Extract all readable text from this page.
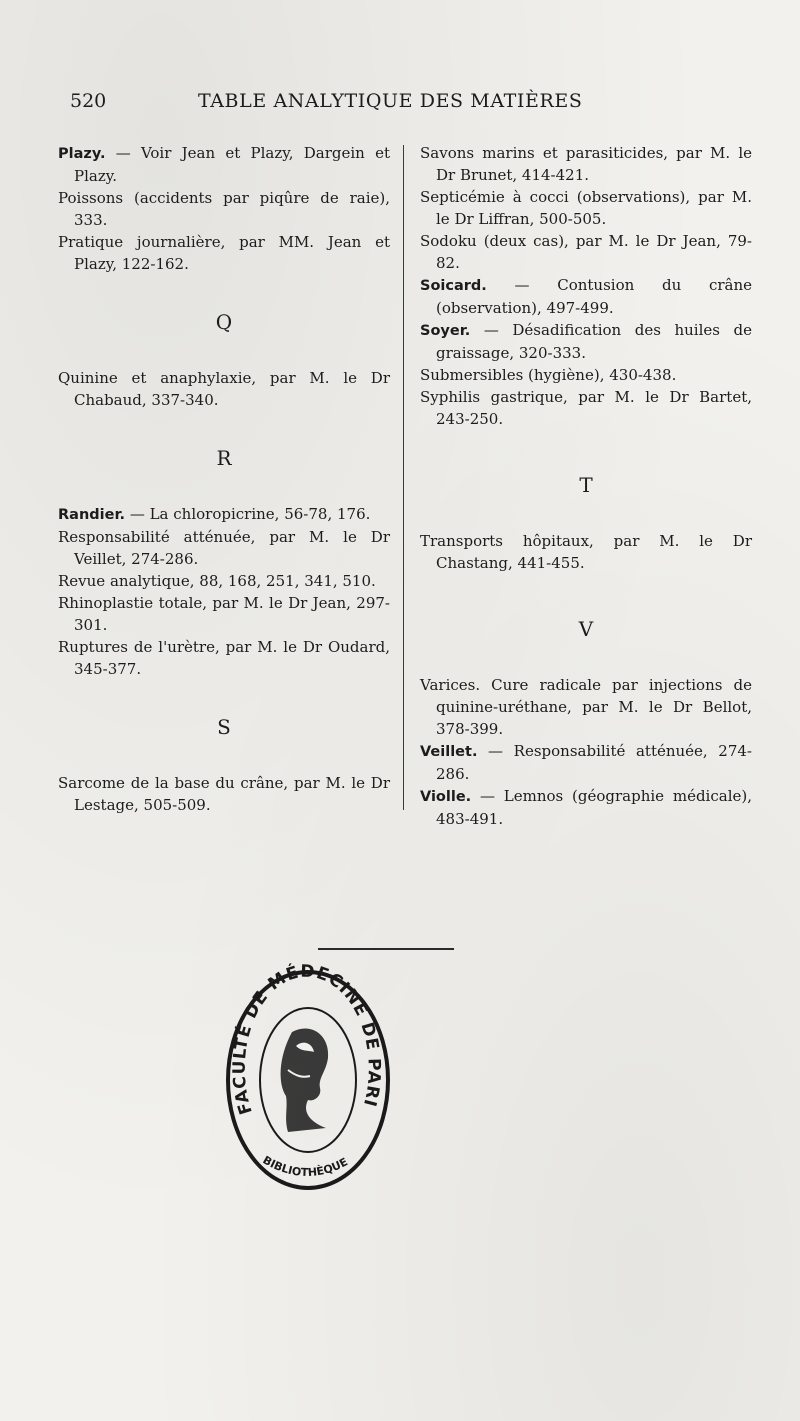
520	TABLE ANALYTIQUE DES MATIÈRES
Plazy. — Voir Jean et Plazy, Dargein et Plazy.
Poissons (accidents par piqûre de raie), 333.
Pratique journalière, par MM. Jean et Plazy, 122-162.
Q
Quinine et anaphylaxie, par M. le Dr Chabaud, 337-340.
R
Randier. — La chloropicrine, 56-78, 176.
Responsabilité atténuée, par M. le Dr Veillet, 274-286.
Revue analytique, 88, 168, 251, 341, 510.
Rhinoplastie totale, par M. le Dr Jean, 297-301.
Ruptures de l'urètre, par M. le Dr Oudard, 345-377.
S
Sarcome de la base du crâne, par M. le Dr Lestage, 505-509.
Savons marins et parasiticides, par M. le Dr Brunet, 414-421.
Septicémie à cocci (observations), par M. le Dr Liffran, 500-505.
Sodoku (deux cas), par M. le Dr Jean, 79-82.
Soicard. — Contusion du crâne (observation), 497-499.
Soyer. — Désadification des huiles de graissage, 320-333.
Submersibles (hygiène), 430-438.
Syphilis gastrique, par M. le Dr Bartet, 243-250.
T
Transports hôpitaux, par M. le Dr Chastang, 441-455.
V
Varices. Cure radicale par injections de quinine-uréthane, par M. le Dr Bellot, 378-399.
Veillet. — Responsabilité atténuée, 274-286.
Violle. — Lemnos (géographie médicale), 483-491.
FACULTÉ DE MÉDECINE DE PARI
BIBLIOTHÈQUE
